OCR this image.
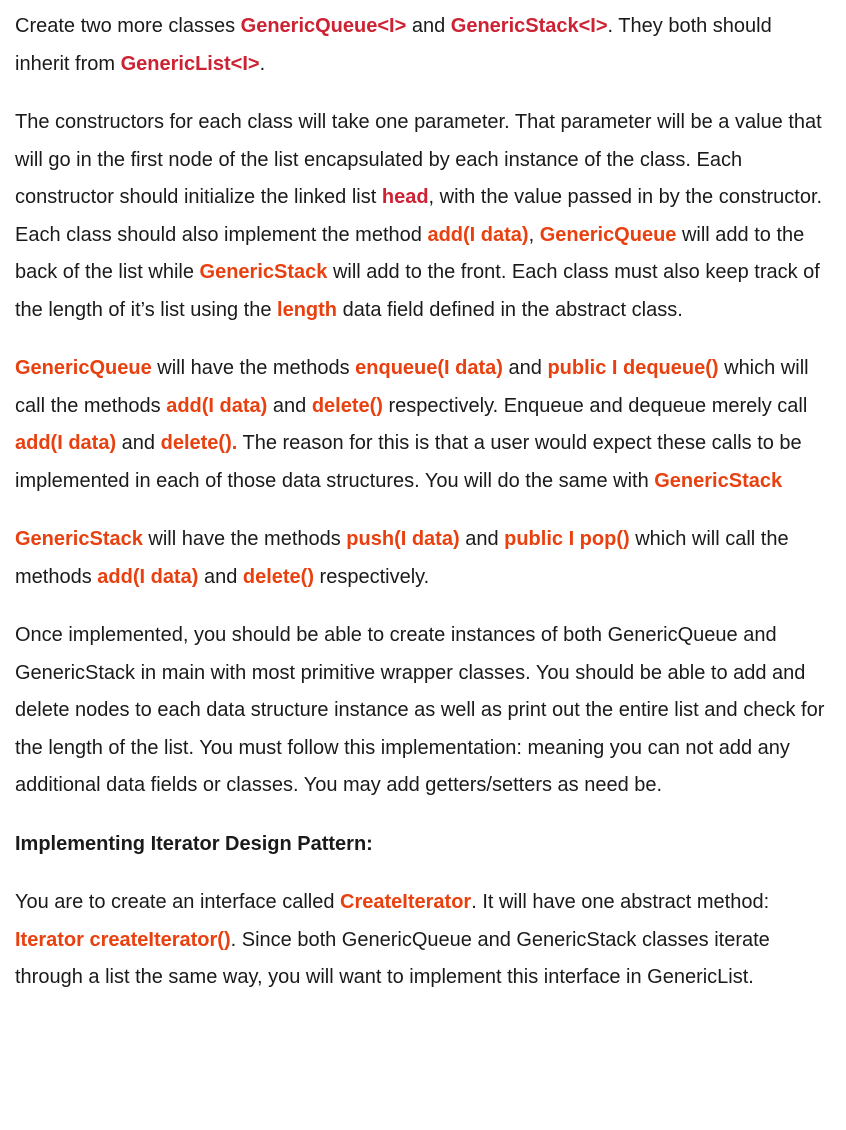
Create two more classes GenericQueue<I> and GenericStack<I>. They both should inherit from GenericList<I>.

The constructors for each class will take one parameter. That parameter will be a value that will go in the first node of the list encapsulated by each instance of the class. Each constructor should initialize the linked list head, with the value passed in by the constructor. Each class should also implement the method add(I data), GenericQueue will add to the back of the list while GenericStack will add to the front. Each class must also keep track of the length of it’s list using the length data field defined in the abstract class.

GenericQueue will have the methods enqueue(I data) and public I dequeue() which will call the methods add(I data) and delete() respectively. Enqueue and dequeue merely call add(I data) and delete(). The reason for this is that a user would expect these calls to be implemented in each of those data structures. You will do the same with GenericStack

GenericStack will have the methods push(I data) and public I pop() which will call the methods add(I data) and delete() respectively.

Once implemented, you should be able to create instances of both GenericQueue and GenericStack in main with most primitive wrapper classes. You should be able to add and delete nodes to each data structure instance as well as print out the entire list and check for the length of the list. You must follow this implementation: meaning you can not add any additional data fields or classes. You may add getters/setters as need be.

Implementing Iterator Design Pattern:

You are to create an interface called CreateIterator. It will have one abstract method: Iterator createIterator(). Since both GenericQueue and GenericStack classes iterate through a list the same way, you will want to implement this interface in GenericList.
